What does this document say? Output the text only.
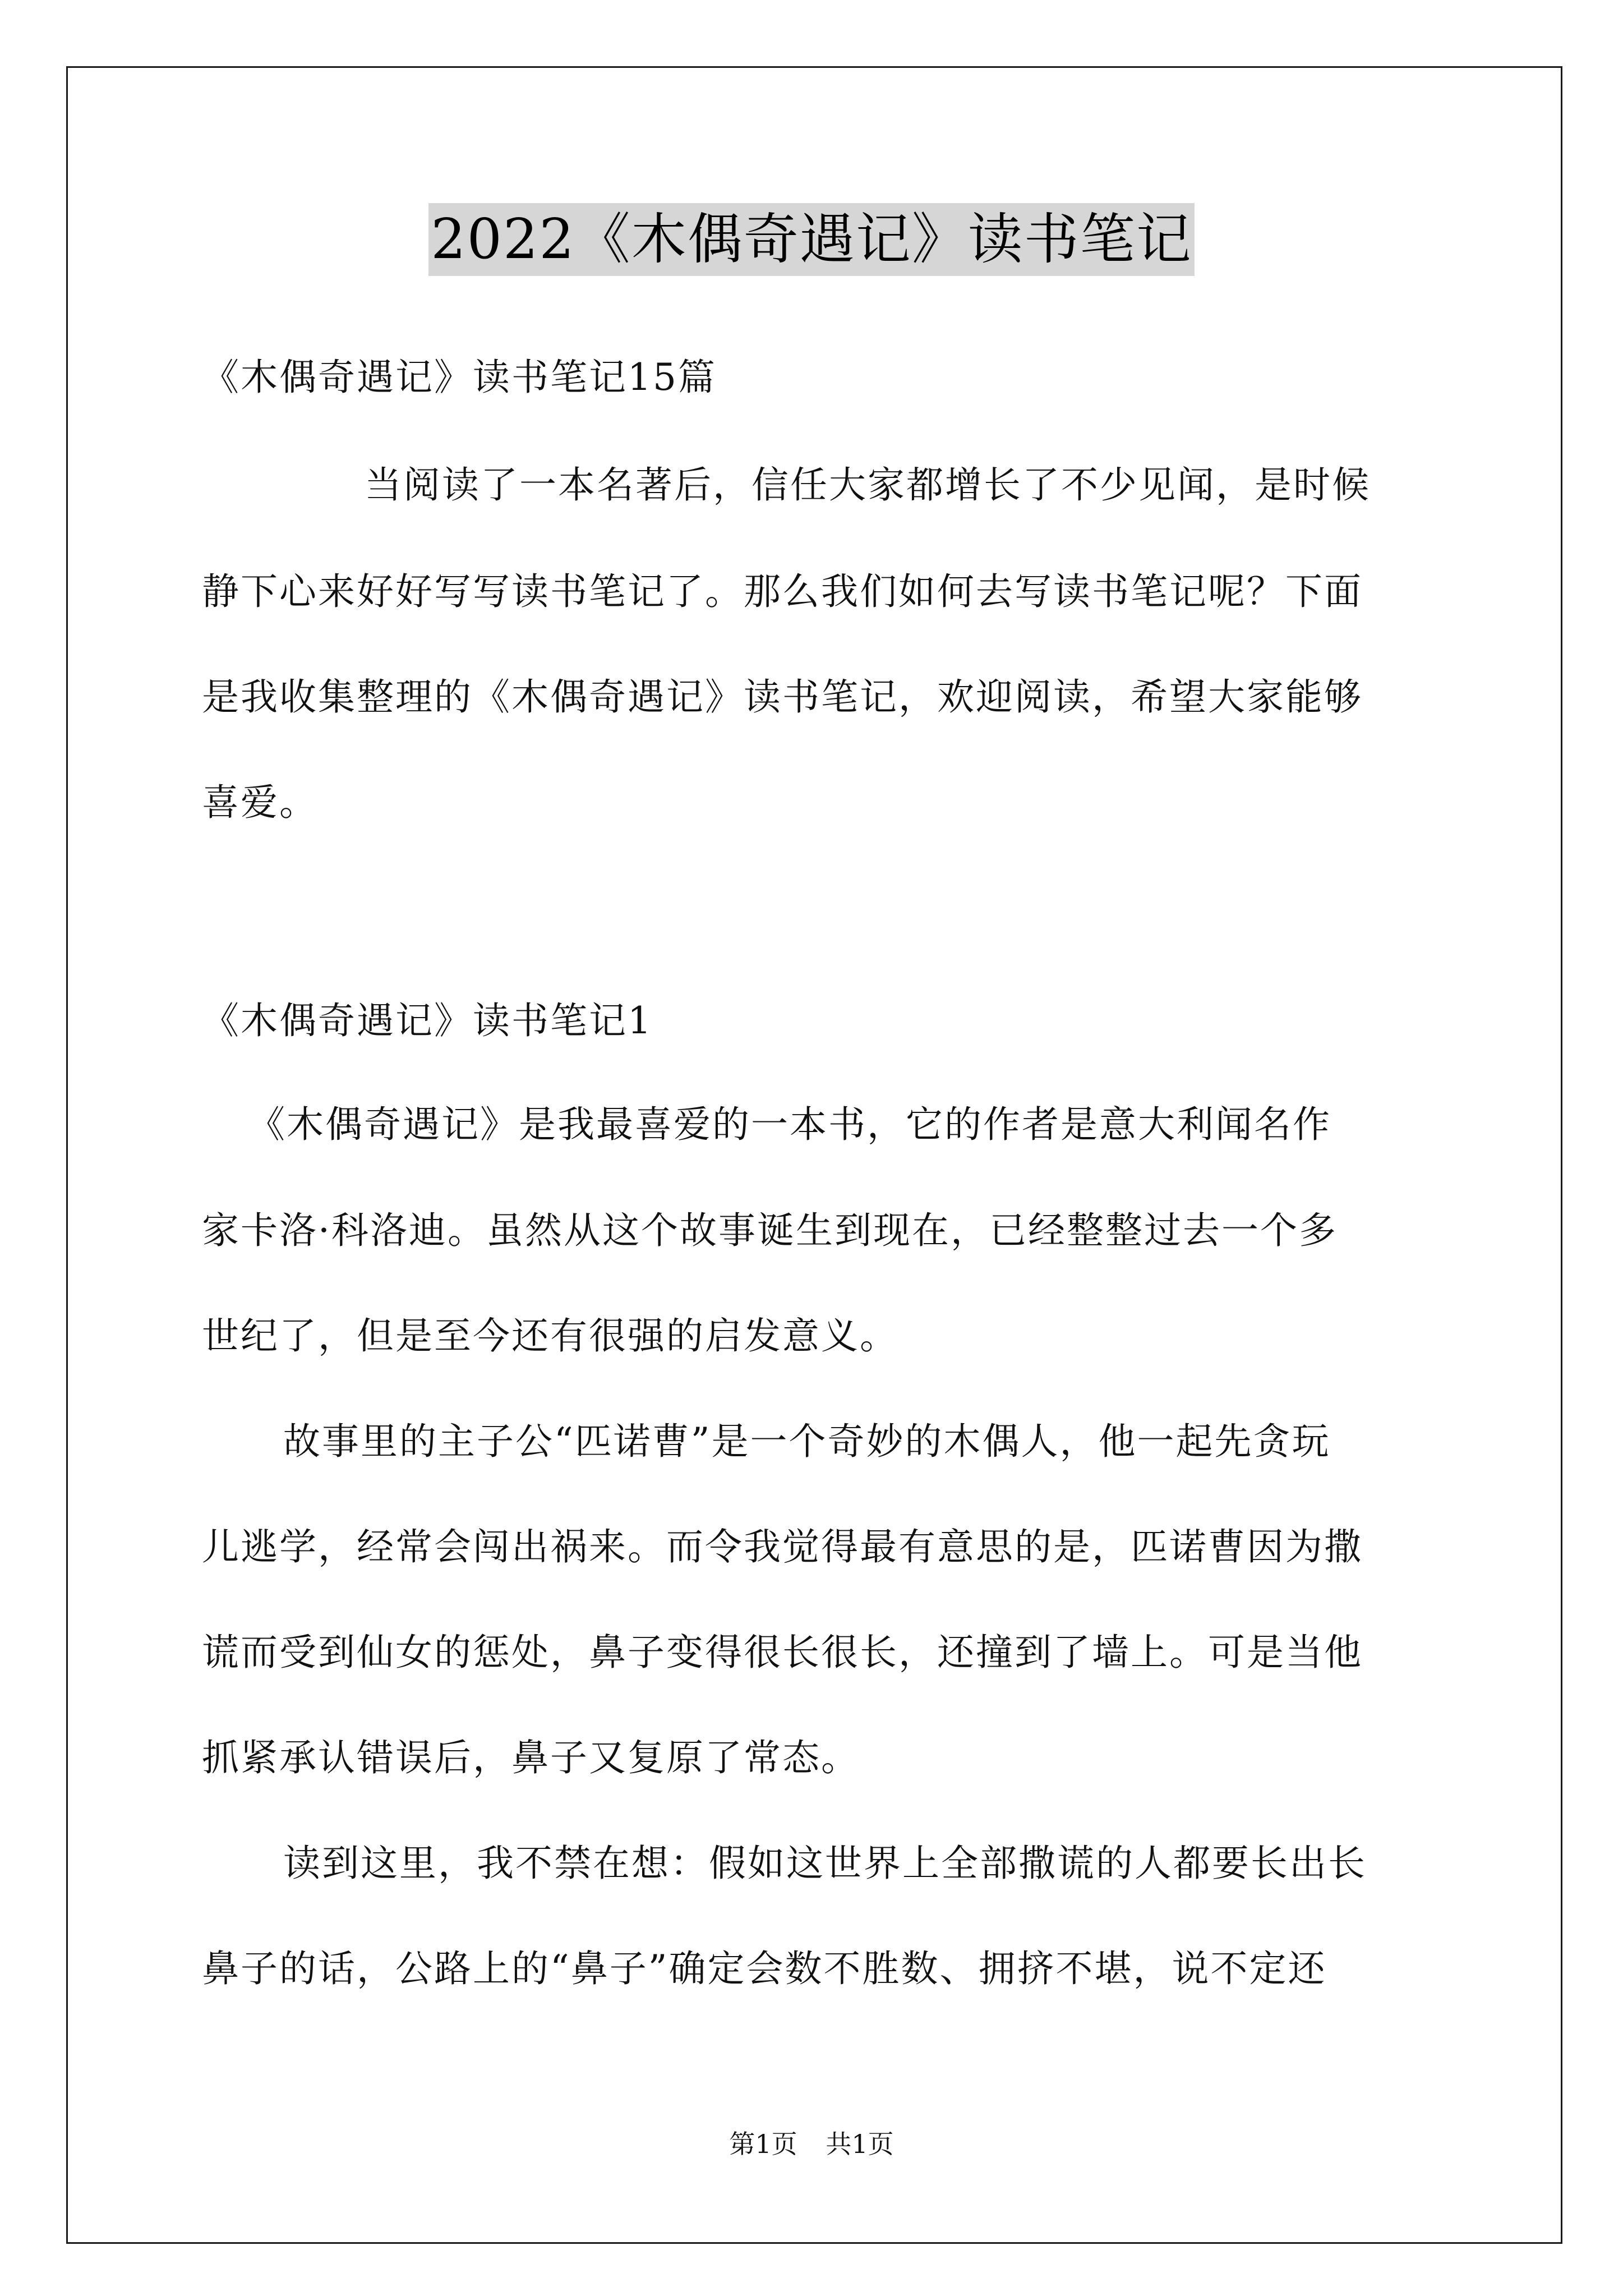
2022《木偶奇遇记》读书笔记
《木偶奇遇记》读书笔记15篇
当阅读了一本名著后，信任大家都增长了不少见闻，是时候
静下心来好好写写读书笔记了。那么我们如何去写读书笔记呢？下面
是我收集整理的《木偶奇遇记》读书笔记，欢迎阅读，希望大家能够
喜爱。
《木偶奇遇记》读书笔记1
《木偶奇遇记》是我最喜爱的一本书，它的作者是意大利闻名作
家卡洛·科洛迪。虽然从这个故事诞生到现在，已经整整过去一个多
世纪了，但是至今还有很强的启发意义。
故事里的主子公“匹诺曹”是一个奇妙的木偶人，他一起先贪玩
儿逃学，经常会闯出祸来。而令我觉得最有意思的是，匹诺曹因为撒
谎而受到仙女的惩处，鼻子变得很长很长，还撞到了墙上。可是当他
抓紧承认错误后，鼻子又复原了常态。
读到这里，我不禁在想：假如这世界上全部撒谎的人都要长出长
鼻子的话，公路上的“鼻子”确定会数不胜数、拥挤不堪，说不定还
第1页 共1页
